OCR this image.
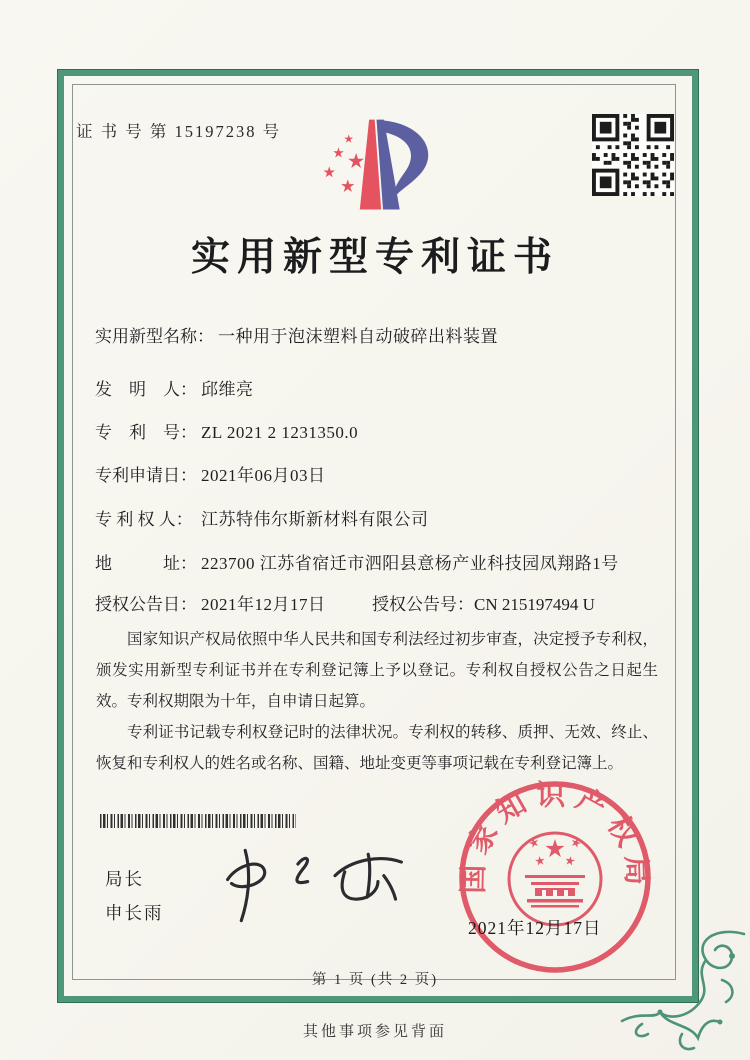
证 书 号 第 15197238 号
实用新型专利证书
实用新型名称： 一种用于泡沫塑料自动破碎出料装置
发　明　人： 邱维亮
专　利　号： ZL 2021 2 1231350.0
专利申请日： 2021年06月03日
专 利 权 人： 江苏特伟尔斯新材料有限公司
地　　　址： 223700 江苏省宿迁市泗阳县意杨产业科技园凤翔路1号
授权公告日： 2021年12月17日	授权公告号：CN 215197494 U

国家知识产权局依照中华人民共和国专利法经过初步审查，决定授予专利权，颁发实用新型专利证书并在专利登记簿上予以登记。专利权自授权公告之日起生效。专利权期限为十年，自申请日起算。

专利证书记载专利权登记时的法律状况。专利权的转移、质押、无效、终止、恢复和专利权人的姓名或名称、国籍、地址变更等事项记载在专利登记簿上。

局长
申长雨
国家知识产权局
2021年12月17日
第 1 页 (共 2 页)
其他事项参见背面
